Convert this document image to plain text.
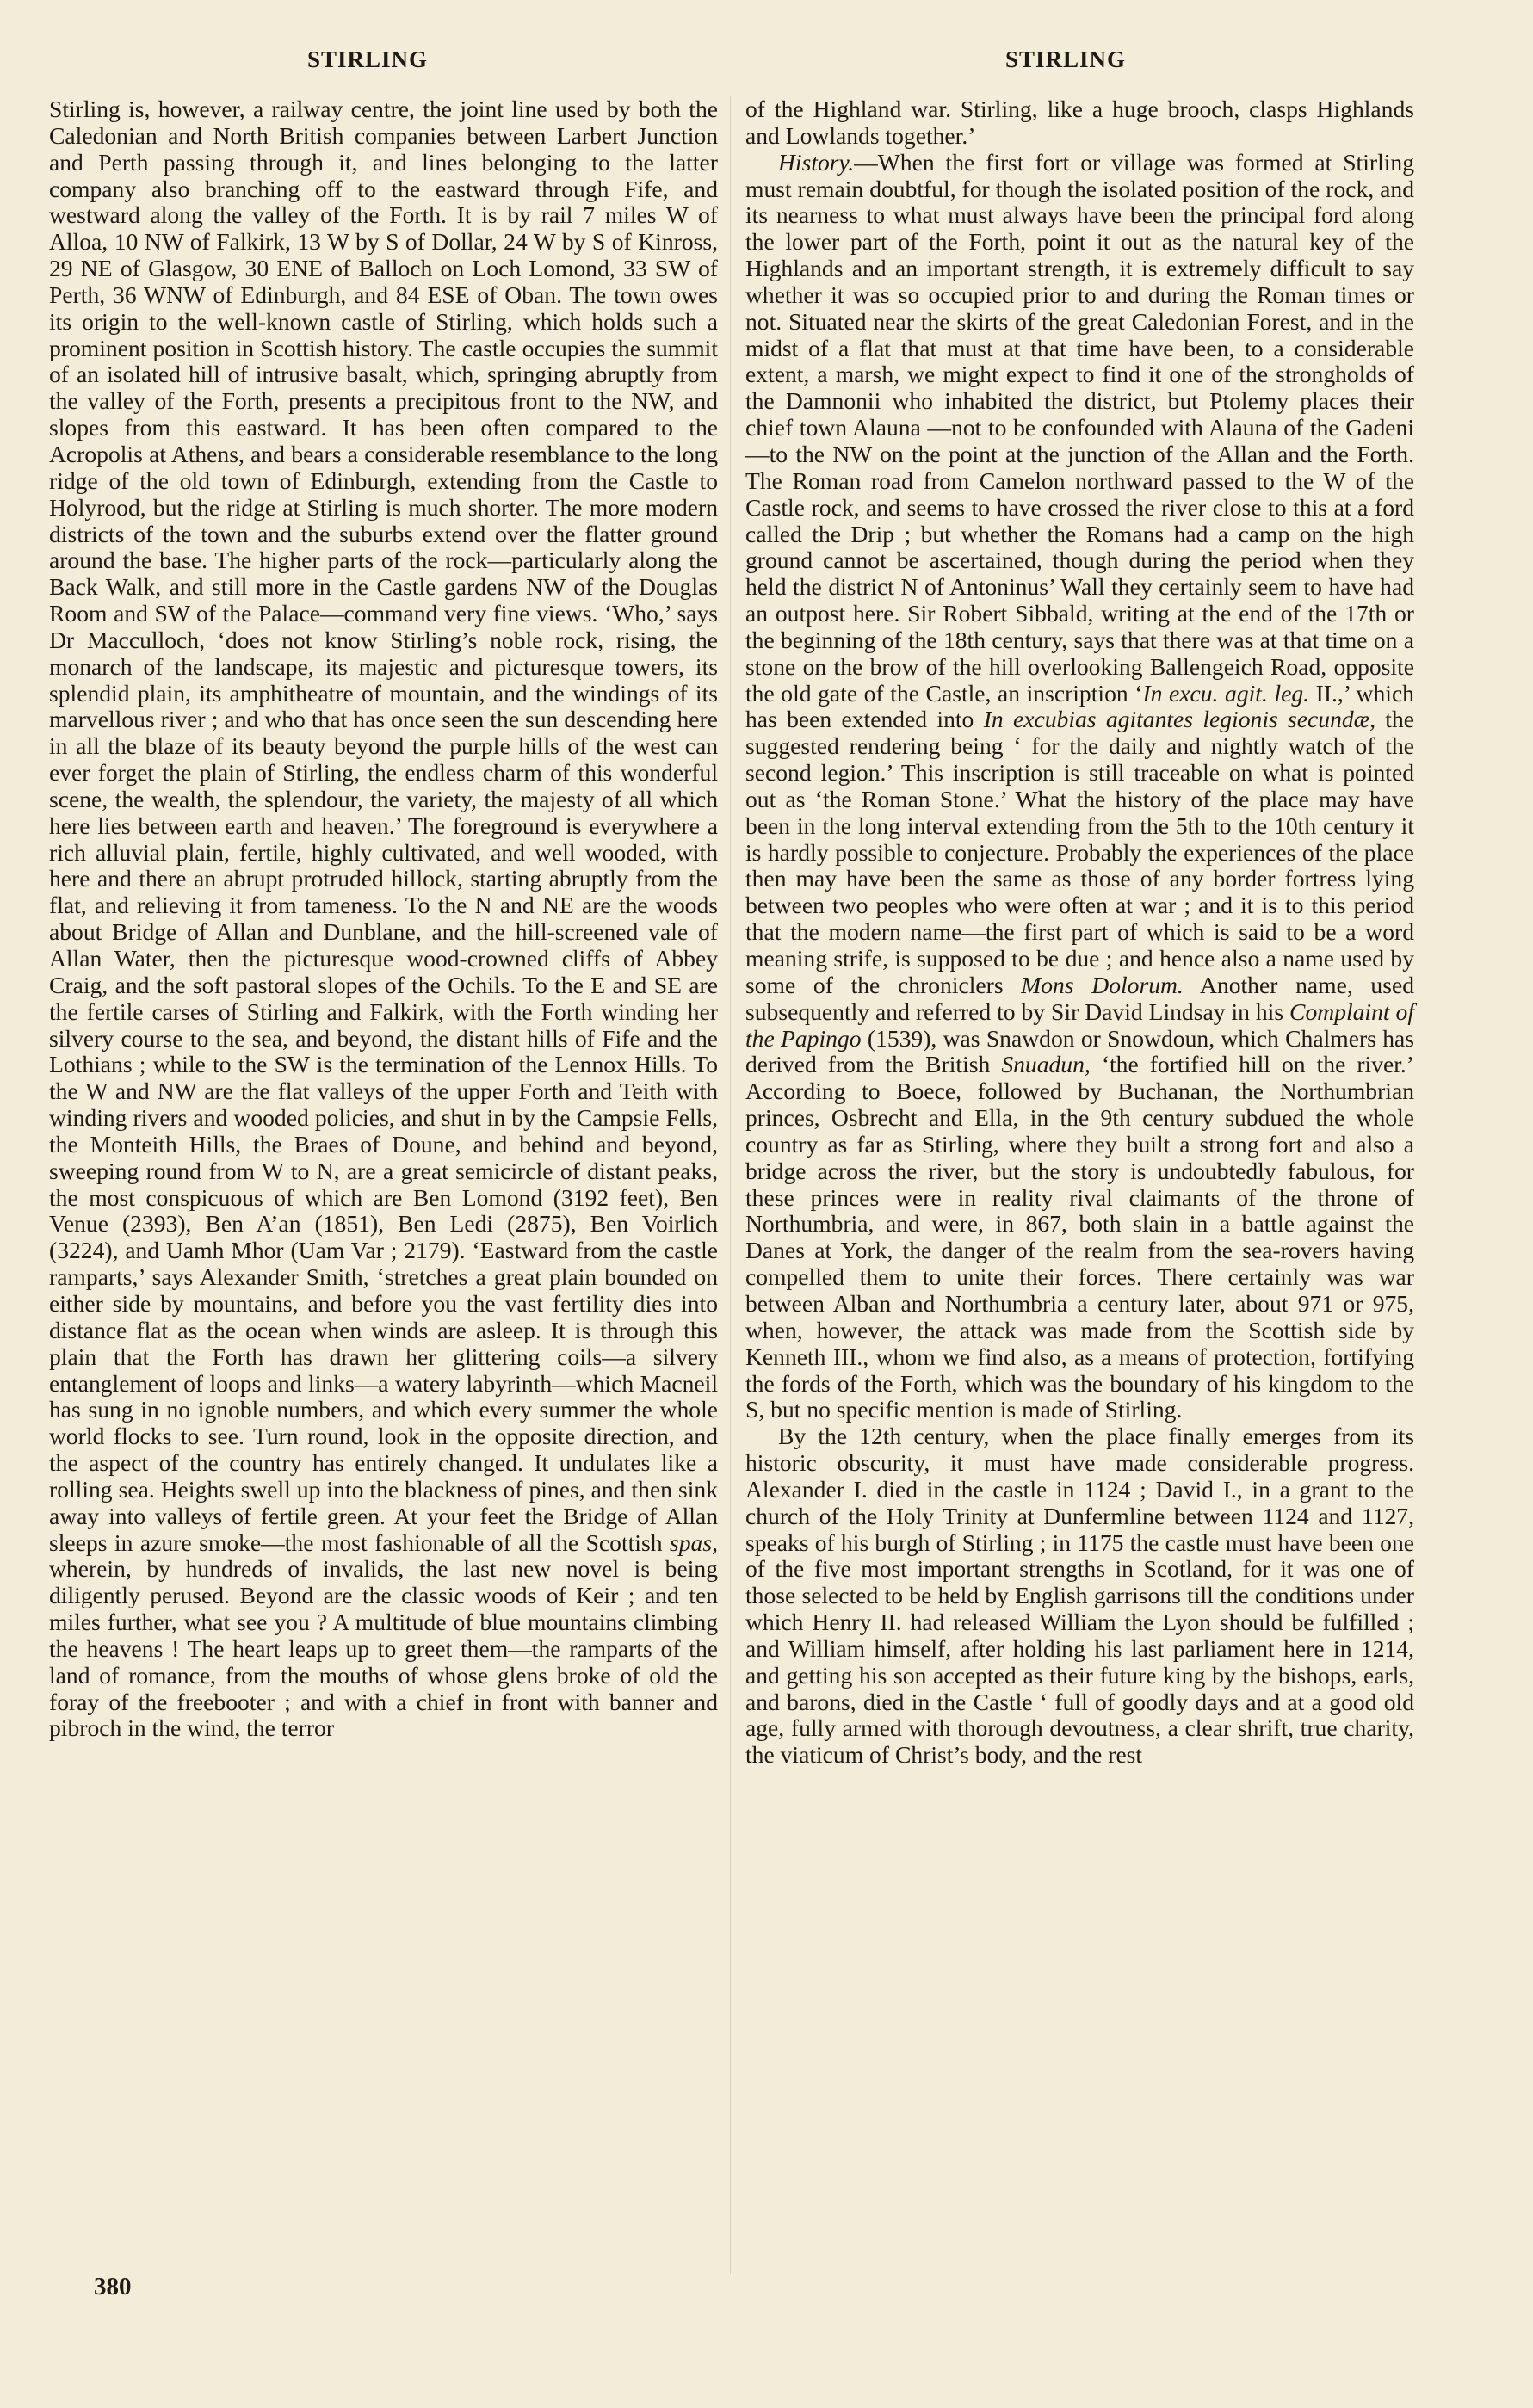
STIRLING	STIRLING

Stirling is, however, a railway centre, the joint line used by both the Caledonian and North British companies between Larbert Junction and Perth passing through it, and lines belonging to the latter company also branching off to the eastward through Fife, and westward along the valley of the Forth. It is by rail 7 miles W of Alloa, 10 NW of Falkirk, 13 W by S of Dollar, 24 W by S of Kinross, 29 NE of Glasgow, 30 ENE of Balloch on Loch Lomond, 33 SW of Perth, 36 WNW of Edinburgh, and 84 ESE of Oban. The town owes its origin to the well-known castle of Stirling, which holds such a prominent position in Scottish history. The castle occupies the summit of an isolated hill of intrusive basalt, which, springing abruptly from the valley of the Forth, presents a precipitous front to the NW, and slopes from this eastward. It has been often compared to the Acropolis at Athens, and bears a considerable resemblance to the long ridge of the old town of Edinburgh, extending from the Castle to Holyrood, but the ridge at Stirling is much shorter. The more modern districts of the town and the suburbs extend over the flatter ground around the base. The higher parts of the rock—particularly along the Back Walk, and still more in the Castle gardens NW of the Douglas Room and SW of the Palace—command very fine views. ‘Who,’ says Dr Macculloch, ‘does not know Stirling’s noble rock, rising, the monarch of the landscape, its majestic and picturesque towers, its splendid plain, its amphitheatre of mountain, and the windings of its marvellous river ; and who that has once seen the sun descending here in all the blaze of its beauty beyond the purple hills of the west can ever forget the plain of Stirling, the endless charm of this wonderful scene, the wealth, the splendour, the variety, the majesty of all which here lies between earth and heaven.’ The foreground is everywhere a rich alluvial plain, fertile, highly cultivated, and well wooded, with here and there an abrupt protruded hillock, starting abruptly from the flat, and relieving it from tameness. To the N and NE are the woods about Bridge of Allan and Dunblane, and the hill-screened vale of Allan Water, then the picturesque wood-crowned cliffs of Abbey Craig, and the soft pastoral slopes of the Ochils. To the E and SE are the fertile carses of Stirling and Falkirk, with the Forth winding her silvery course to the sea, and beyond, the distant hills of Fife and the Lothians ; while to the SW is the termination of the Lennox Hills. To the W and NW are the flat valleys of the upper Forth and Teith with winding rivers and wooded policies, and shut in by the Campsie Fells, the Monteith Hills, the Braes of Doune, and behind and beyond, sweeping round from W to N, are a great semicircle of distant peaks, the most conspicuous of which are Ben Lomond (3192 feet), Ben Venue (2393), Ben A’an (1851), Ben Ledi (2875), Ben Voirlich (3224), and Uamh Mhor (Uam Var ; 2179). ‘Eastward from the castle ramparts,’ says Alexander Smith, ‘stretches a great plain bounded on either side by mountains, and before you the vast fertility dies into distance flat as the ocean when winds are asleep. It is through this plain that the Forth has drawn her glittering coils—a silvery entanglement of loops and links—a watery labyrinth—which Macneil has sung in no ignoble numbers, and which every summer the whole world flocks to see. Turn round, look in the opposite direction, and the aspect of the country has entirely changed. It undulates like a rolling sea. Heights swell up into the blackness of pines, and then sink away into valleys of fertile green. At your feet the Bridge of Allan sleeps in azure smoke—the most fashionable of all the Scottish spas, wherein, by hundreds of invalids, the last new novel is being diligently perused. Beyond are the classic woods of Keir ; and ten miles further, what see you ? A multitude of blue mountains climbing the heavens ! The heart leaps up to greet them—the ramparts of the land of romance, from the mouths of whose glens broke of old the foray of the freebooter ; and with a chief in front with banner and pibroch in the wind, the terror

of the Highland war. Stirling, like a huge brooch, clasps Highlands and Lowlands together.’

History.—When the first fort or village was formed at Stirling must remain doubtful, for though the isolated position of the rock, and its nearness to what must always have been the principal ford along the lower part of the Forth, point it out as the natural key of the Highlands and an important strength, it is extremely difficult to say whether it was so occupied prior to and during the Roman times or not. Situated near the skirts of the great Caledonian Forest, and in the midst of a flat that must at that time have been, to a considerable extent, a marsh, we might expect to find it one of the strongholds of the Damnonii who inhabited the district, but Ptolemy places their chief town Alauna —not to be confounded with Alauna of the Gadeni—to the NW on the point at the junction of the Allan and the Forth. The Roman road from Camelon northward passed to the W of the Castle rock, and seems to have crossed the river close to this at a ford called the Drip ; but whether the Romans had a camp on the high ground cannot be ascertained, though during the period when they held the district N of Antoninus’ Wall they certainly seem to have had an outpost here. Sir Robert Sibbald, writing at the end of the 17th or the beginning of the 18th century, says that there was at that time on a stone on the brow of the hill overlooking Ballengeich Road, opposite the old gate of the Castle, an inscription ‘In excu. agit. leg. II.,’ which has been extended into In excubias agitantes legionis secundæ, the suggested rendering being ‘ for the daily and nightly watch of the second legion.’ This inscription is still traceable on what is pointed out as ‘the Roman Stone.’ What the history of the place may have been in the long interval extending from the 5th to the 10th century it is hardly possible to conjecture. Probably the experiences of the place then may have been the same as those of any border fortress lying between two peoples who were often at war ; and it is to this period that the modern name—the first part of which is said to be a word meaning strife, is supposed to be due ; and hence also a name used by some of the chroniclers Mons Dolorum. Another name, used subsequently and referred to by Sir David Lindsay in his Complaint of the Papingo (1539), was Snawdon or Snowdoun, which Chalmers has derived from the British Snuadun, ‘the fortified hill on the river.’ According to Boece, followed by Buchanan, the Northumbrian princes, Osbrecht and Ella, in the 9th century subdued the whole country as far as Stirling, where they built a strong fort and also a bridge across the river, but the story is undoubtedly fabulous, for these princes were in reality rival claimants of the throne of Northumbria, and were, in 867, both slain in a battle against the Danes at York, the danger of the realm from the sea-rovers having compelled them to unite their forces. There certainly was war between Alban and Northumbria a century later, about 971 or 975, when, however, the attack was made from the Scottish side by Kenneth III., whom we find also, as a means of protection, fortifying the fords of the Forth, which was the boundary of his kingdom to the S, but no specific mention is made of Stirling.

By the 12th century, when the place finally emerges from its historic obscurity, it must have made considerable progress. Alexander I. died in the castle in 1124 ; David I., in a grant to the church of the Holy Trinity at Dunfermline between 1124 and 1127, speaks of his burgh of Stirling ; in 1175 the castle must have been one of the five most important strengths in Scotland, for it was one of those selected to be held by English garrisons till the conditions under which Henry II. had released William the Lyon should be fulfilled ; and William himself, after holding his last parliament here in 1214, and getting his son accepted as their future king by the bishops, earls, and barons, died in the Castle ‘ full of goodly days and at a good old age, fully armed with thorough devoutness, a clear shrift, true charity, the viaticum of Christ’s body, and the rest

380
